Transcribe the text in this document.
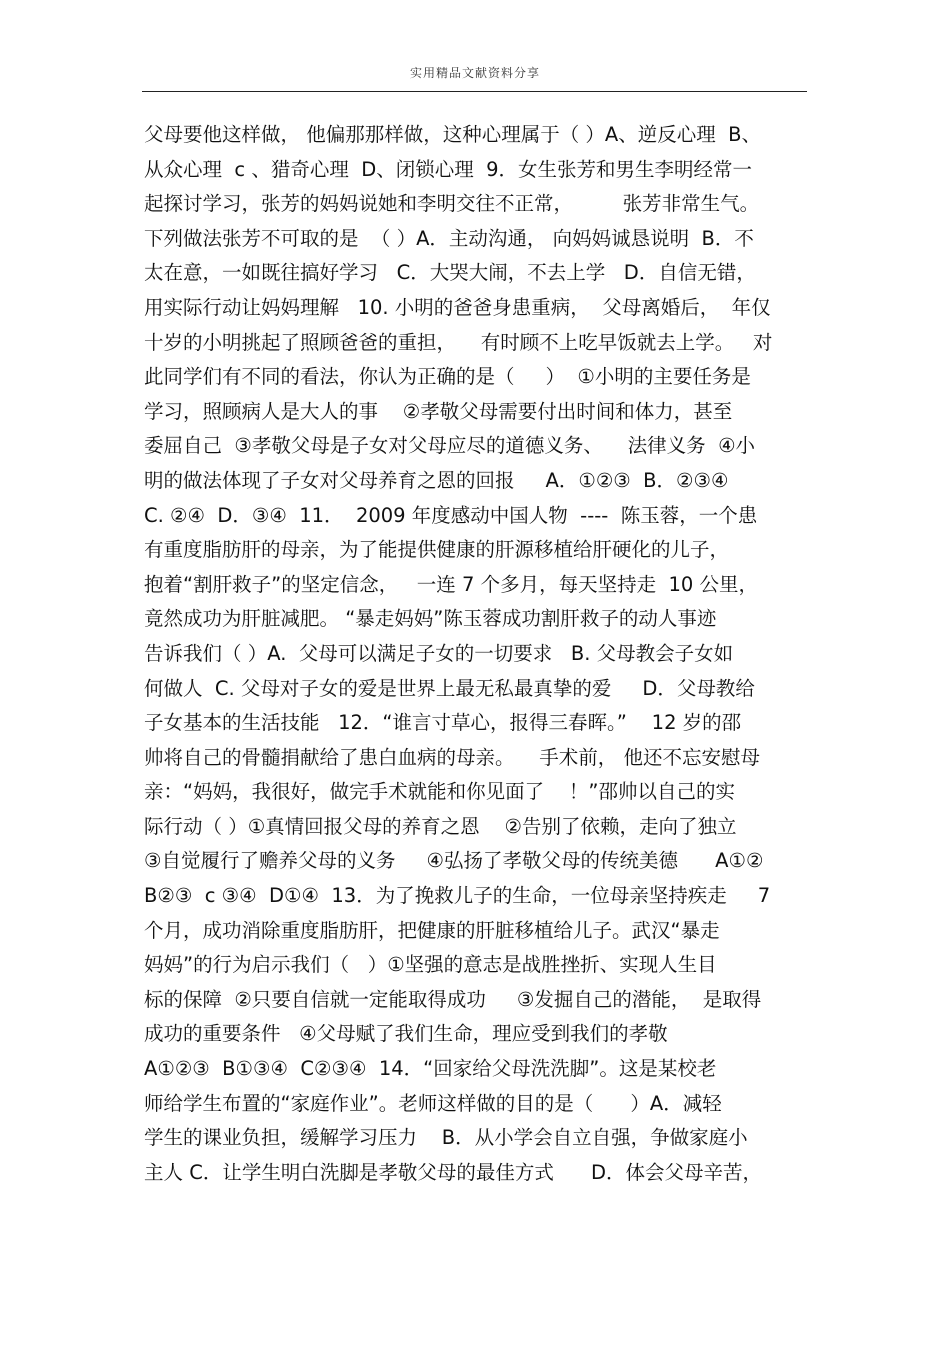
实用精品文献资料分享
父母要他这样做， 他偏那那样做，这种心理属于（ ）A、逆反心理  B、
从众心理  c 、猎奇心理  D、闭锁心理  9．女生张芳和男生李明经常一
起探讨学习，张芳的妈妈说她和李明交往不正常，        张芳非常生气。
下列做法张芳不可取的是  （ ）A．主动沟通， 向妈妈诚恳说明  B．不
太在意，一如既往搞好学习   C．大哭大闹，不去上学   D．自信无错，
用实际行动让妈妈理解   10. 小明的爸爸身患重病，  父母离婚后，  年仅
十岁的小明挑起了照顾爸爸的重担，    有时顾不上吃早饭就去上学。   对
此同学们有不同的看法，你认为正确的是（     ）  ①小明的主要任务是
学习，照顾病人是大人的事    ②孝敬父母需要付出时间和体力，甚至
委屈自己  ③孝敬父母是子女对父母应尽的道德义务、    法律义务  ④小
明的做法体现了子女对父母养育之恩的回报     A．①②③  B．②③④
C. ②④  D．③④  11．  2009 年度感动中国人物  ----  陈玉蓉，一个患
有重度脂肪肝的母亲，为了能提供健康的肝源移植给肝硬化的儿子，
抱着“割肝救子”的坚定信念，   一连 7 个多月，每天坚持走  10 公里，
竟然成功为肝脏减肥。 “暴走妈妈”陈玉蓉成功割肝救子的动人事迹
告诉我们（ ）A.  父母可以满足子女的一切要求   B. 父母教会子女如
何做人  C. 父母对子女的爱是世界上最无私最真挚的爱     D．父母教给
子女基本的生活技能   12．“谁言寸草心，报得三春晖。”    12 岁的邵
帅将自己的骨髓捐献给了患白血病的母亲。    手术前， 他还不忘安慰母
亲：“妈妈，我很好，做完手术就能和你见面了    ！”邵帅以自己的实
际行动（ ）①真情回报父母的养育之恩    ②告别了依赖，走向了独立
③自觉履行了赡养父母的义务     ④弘扬了孝敬父母的传统美德      A①②
B②③  c ③④  D①④  13．为了挽救儿子的生命，一位母亲坚持疾走     7
个月，成功消除重度脂肪肝，把健康的肝脏移植给儿子。武汉“暴走
妈妈”的行为启示我们（   ）①坚强的意志是战胜挫折、实现人生目
标的保障  ②只要自信就一定能取得成功     ③发掘自己的潜能，  是取得
成功的重要条件   ④父母赋了我们生命，理应受到我们的孝敬
A①②③  B①③④  C②③④  14．“回家给父母洗洗脚”。这是某校老
师给学生布置的“家庭作业”。老师这样做的目的是（      ）A．减轻
学生的课业负担，缓解学习压力    B．从小学会自立自强，争做家庭小
主人 C．让学生明白洗脚是孝敬父母的最佳方式      D．体会父母辛苦，
